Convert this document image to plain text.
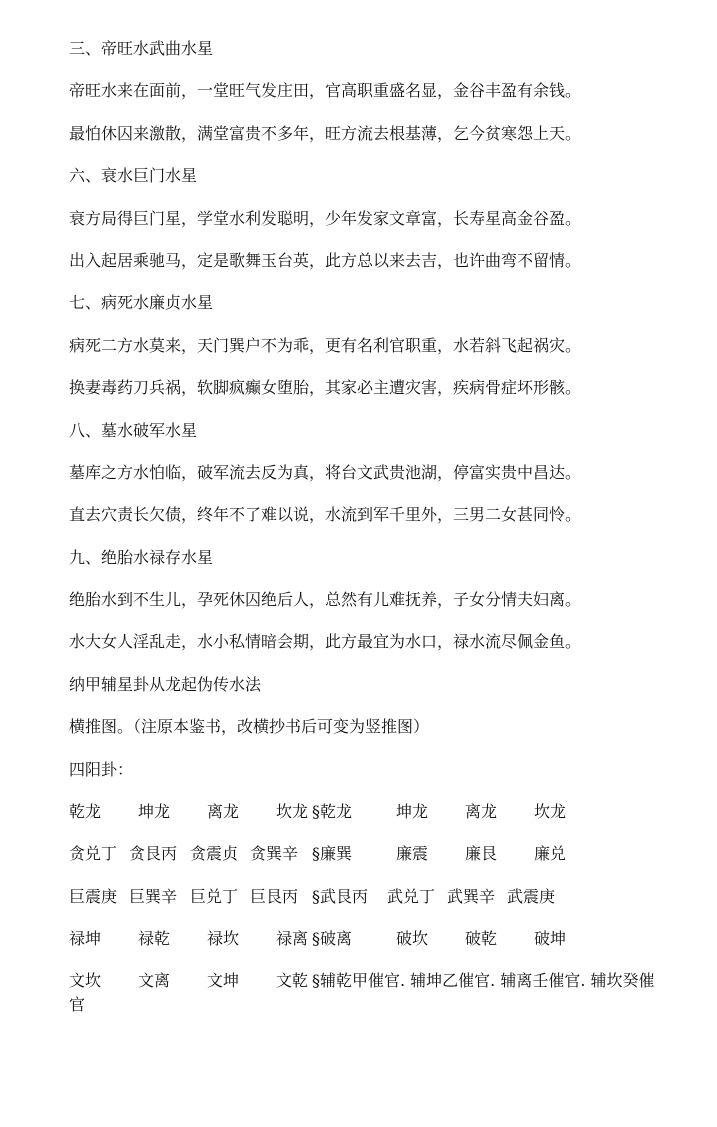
三、帝旺水武曲水星
帝旺水来在面前，一堂旺气发庄田，官高职重盛名显，金谷丰盈有余钱。
最怕休囚来激散，满堂富贵不多年，旺方流去根基薄，乞今贫寒怨上天。
六、衰水巨门水星
衰方局得巨门星，学堂水利发聪明，少年发家文章富，长寿星高金谷盈。
出入起居乘驰马，定是歌舞玉台英，此方总以来去吉，也许曲弯不留情。
七、病死水廉贞水星
病死二方水莫来，天门巽户不为乖，更有名利官职重，水若斜飞起祸灾。
换妻毒药刀兵祸，软脚疯癫女堕胎，其家必主遭灾害，疾病骨症坏形骸。
八、墓水破军水星
墓库之方水怕临，破军流去反为真，将台文武贵池湖，停富实贵中昌达。
直去穴责长欠债，终年不了难以说，水流到军千里外，三男二女甚同怜。
九、绝胎水禄存水星
绝胎水到不生儿，孕死休囚绝后人，总然有儿难抚养，子女分情夫妇离。
水大女人淫乱走，水小私情暗会期，此方最宜为水口，禄水流尽佩金鱼。
纳甲辅星卦从龙起伪传水法
横推图。（注原本鉴书，改横抄书后可变为竖推图）
四阳卦：
乾龙 坤龙 离龙 坎龙 §乾龙	坤龙 离龙 坎龙
贪兑丁 贪艮丙 贪震贞 贪巽辛 §廉巽	廉震 廉艮 廉兑
巨震庚 巨巽辛 巨兑丁 巨艮丙 §武艮丙 武兑丁 武巽辛 武震庚
禄坤 禄乾 禄坎 禄离 §破离	破坎 破乾 破坤
文坎 文离 文坤 文乾 §辅乾甲催官. 辅坤乙催官. 辅离壬催官. 辅坎癸催官
